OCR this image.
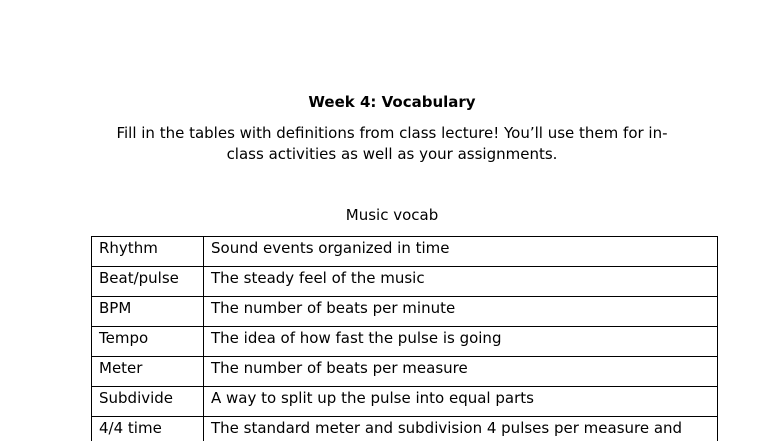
Week 4: Vocabulary
Fill in the tables with definitions from class lecture! You’ll use them for in-
class activities as well as your assignments.
Music vocab
Rhythm	Sound events organized in time
Beat/pulse	The steady feel of the music
BPM	The number of beats per minute
Tempo	The idea of how fast the pulse is going
Meter	The number of beats per measure
Subdivide	A way to split up the pulse into equal parts
4/4 time	The standard meter and subdivision 4 pulses per measure and
